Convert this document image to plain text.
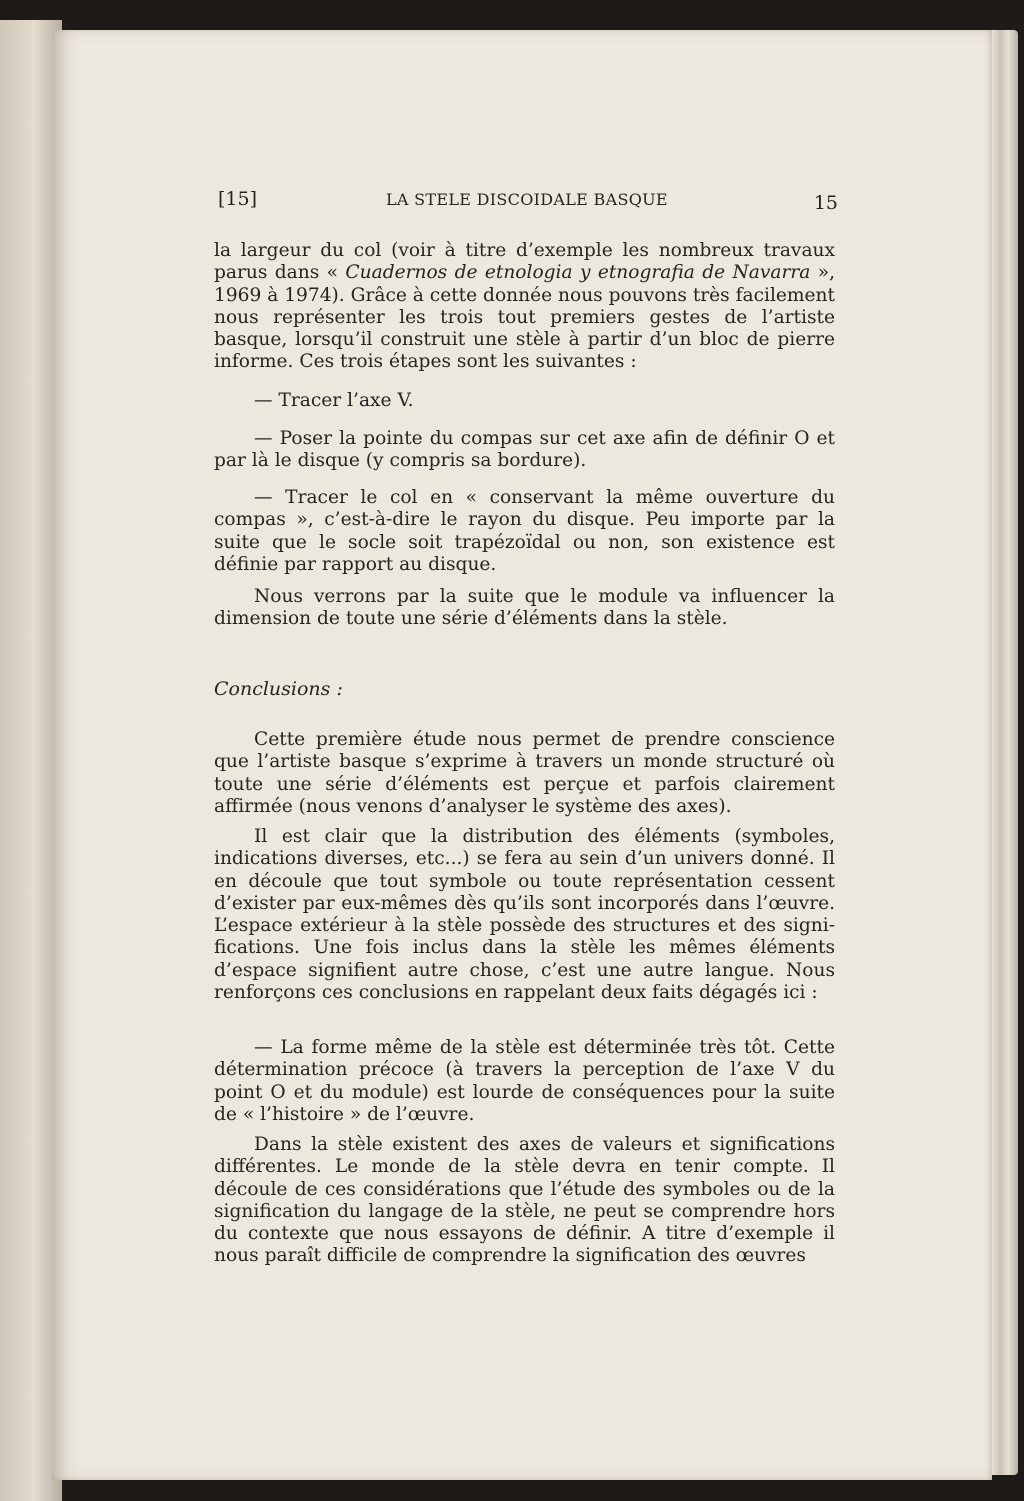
[15]	LA STELE DISCOIDALE BASQUE	15

la largeur du col (voir à titre d’exemple les nombreux travaux parus dans « Cuadernos de etnologia y etnografia de Navarra », 1969 à 1974). Grâce à cette donnée nous pouvons très facilement nous représenter les trois tout premiers gestes de l’artiste basque, lorsqu’il construit une stèle à partir d’un bloc de pierre informe. Ces trois étapes sont les suivantes :

— Tracer l’axe V.

— Poser la pointe du compas sur cet axe afin de définir O et par là le disque (y compris sa bordure).

— Tracer le col en « conservant la même ouverture du compas », c’est-à-dire le rayon du disque. Peu importe par la suite que le socle soit trapézoïdal ou non, son existence est définie par rapport au disque.

Nous verrons par la suite que le module va influencer la dimension de toute une série d’éléments dans la stèle.

Conclusions :

Cette première étude nous permet de prendre conscience que l’artiste basque s’exprime à travers un monde structuré où toute une série d’éléments est perçue et parfois clairement affirmée (nous venons d’analyser le système des axes).

Il est clair que la distribution des éléments (symboles, indications diverses, etc...) se fera au sein d’un univers donné. Il en découle que tout symbole ou toute représentation cessent d’exister par eux-mêmes dès qu’ils sont incorporés dans l’œuvre. L’espace extérieur à la stèle possède des structures et des significations. Une fois inclus dans la stèle les mêmes éléments d’espace signifient autre chose, c’est une autre langue. Nous renforçons ces conclusions en rappelant deux faits dégagés ici :

— La forme même de la stèle est déterminée très tôt. Cette détermination précoce (à travers la perception de l’axe V du point O et du module) est lourde de conséquences pour la suite de « l’histoire » de l’œuvre.

Dans la stèle existent des axes de valeurs et significations différentes. Le monde de la stèle devra en tenir compte. Il découle de ces considérations que l’étude des symboles ou de la signification du langage de la stèle, ne peut se comprendre hors du contexte que nous essayons de définir. A titre d’exemple il nous paraît difficile de comprendre la signification des œuvres
